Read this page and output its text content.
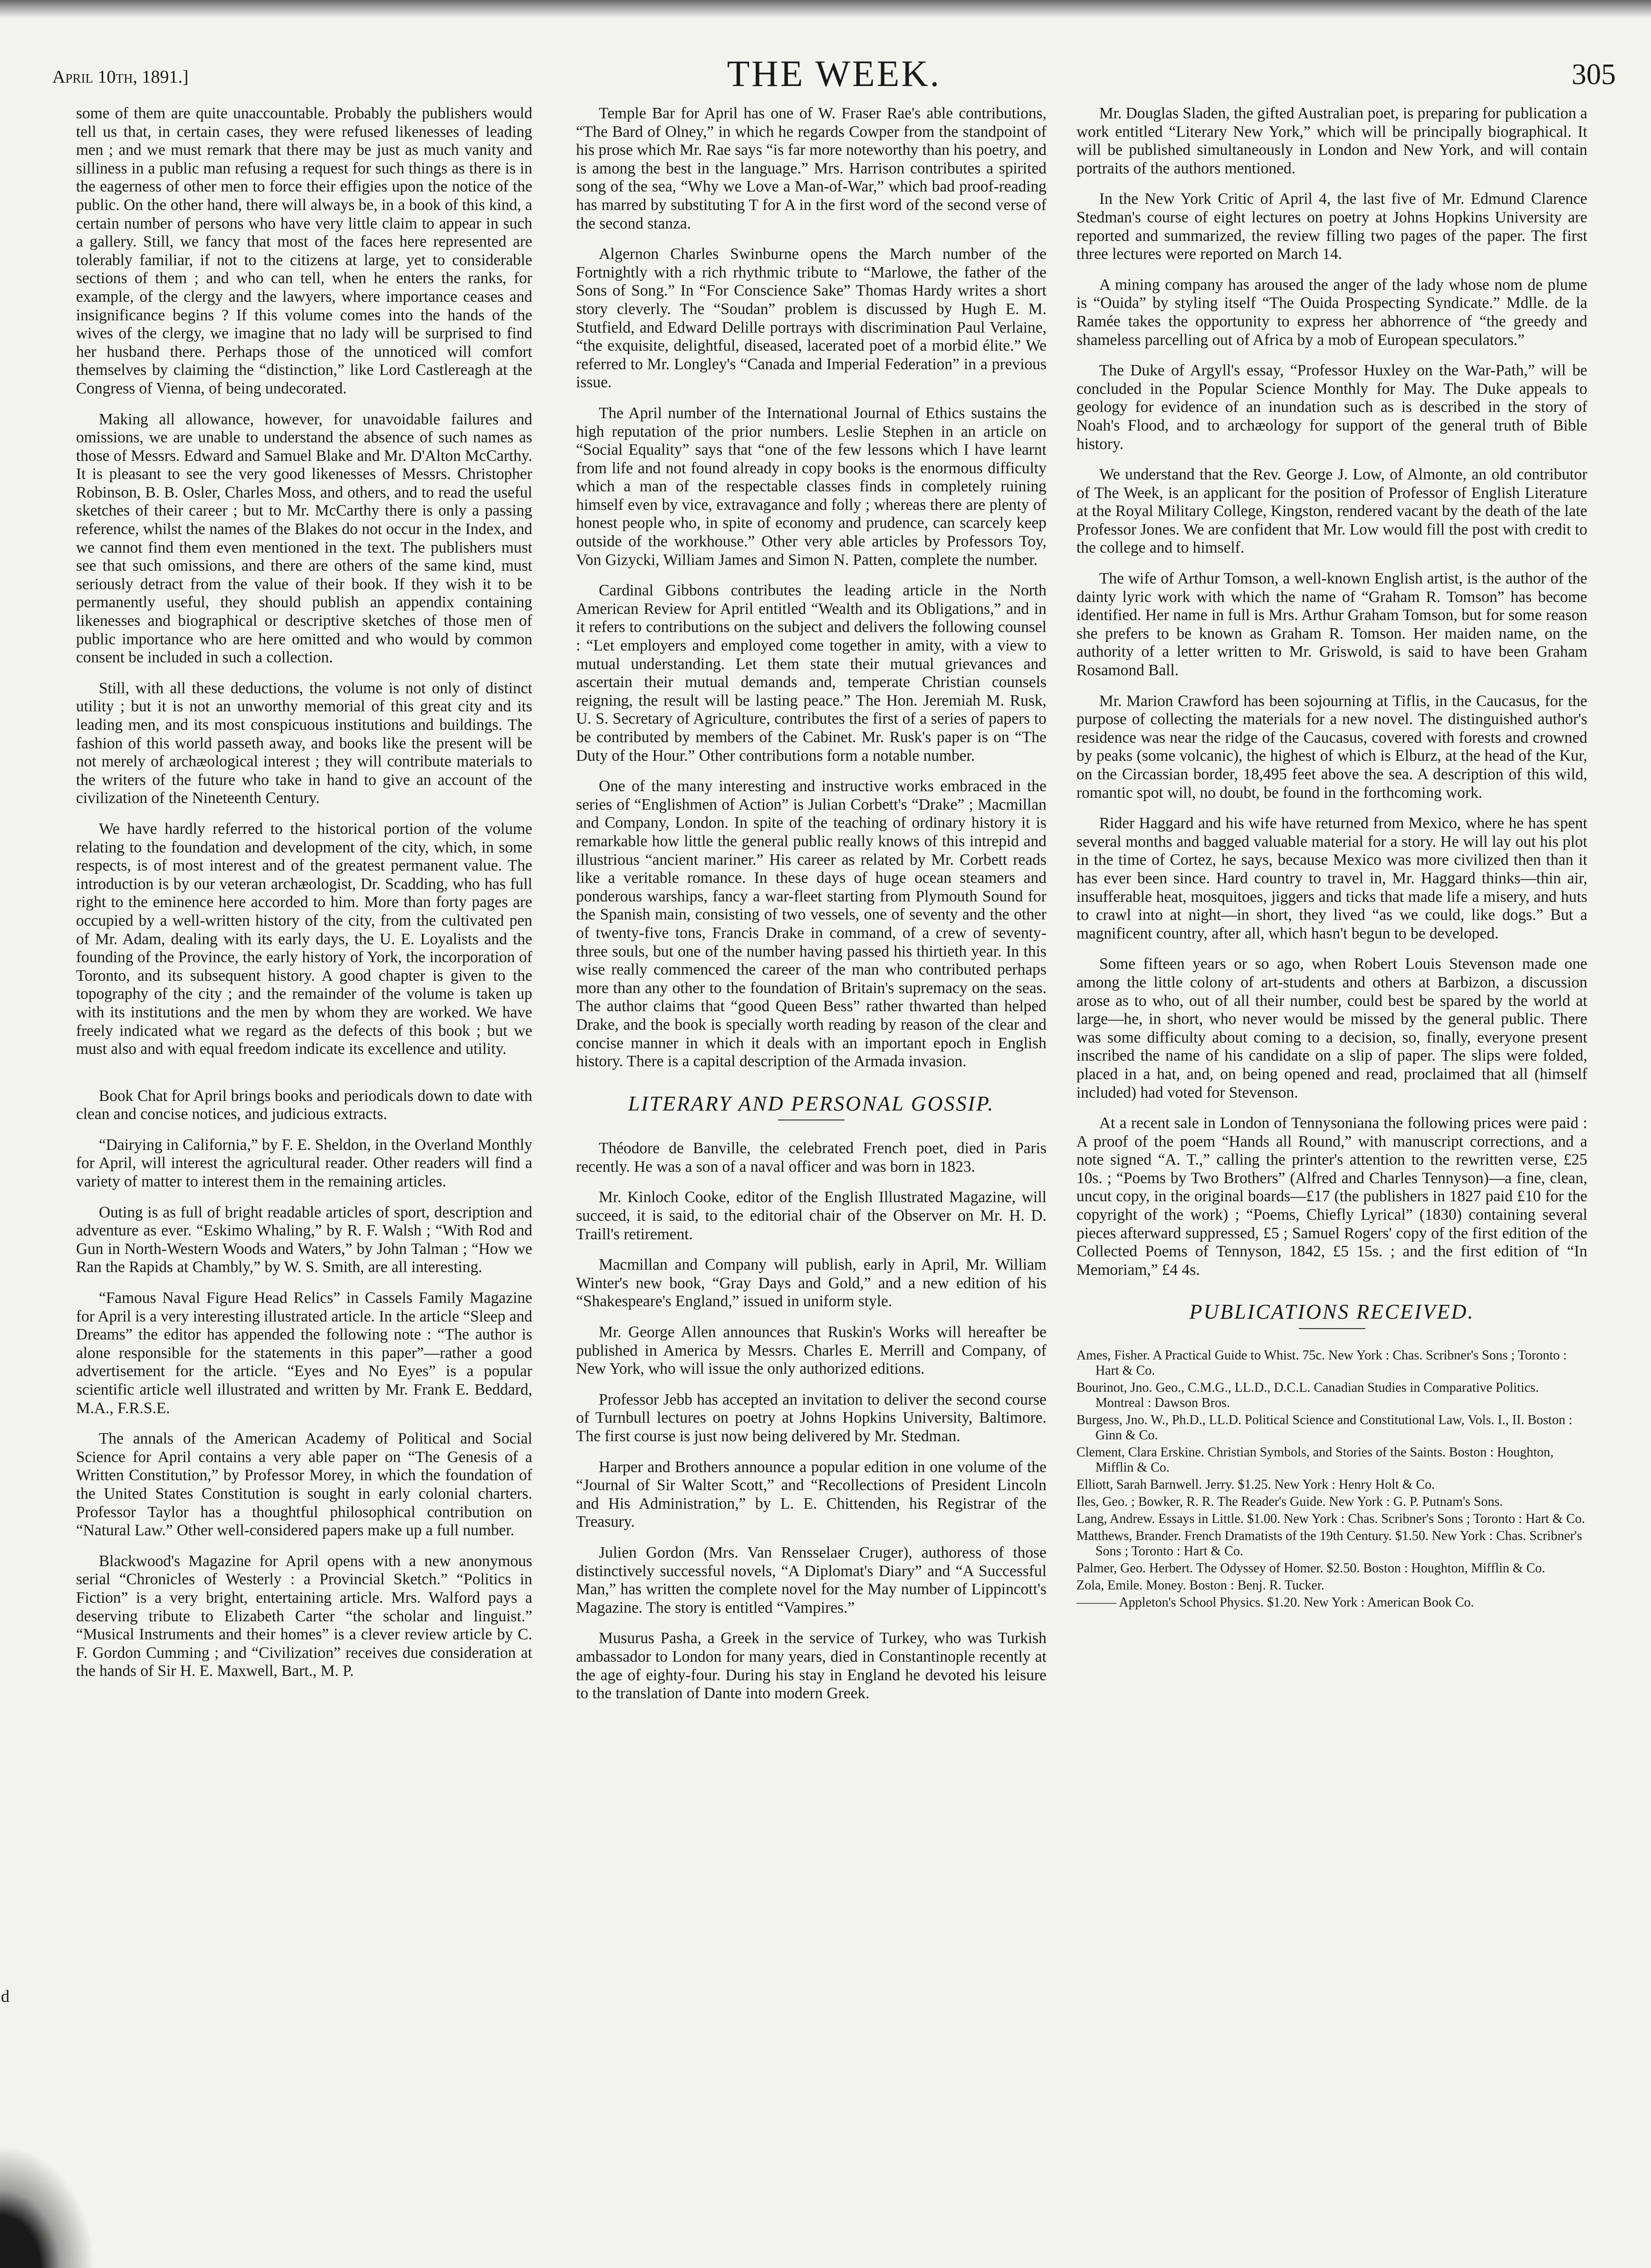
April 10th, 1891.]	THE WEEK.	305

some of them are quite unaccountable. Probably the publishers would tell us that, in certain cases, they were refused likenesses of leading men ; and we must remark that there may be just as much vanity and silliness in a public man refusing a request for such things as there is in the eagerness of other men to force their effigies upon the notice of the public. On the other hand, there will always be, in a book of this kind, a certain number of persons who have very little claim to appear in such a gallery. Still, we fancy that most of the faces here represented are tolerably familiar, if not to the citizens at large, yet to considerable sections of them ; and who can tell, when he enters the ranks, for example, of the clergy and the lawyers, where importance ceases and insignificance begins ? If this volume comes into the hands of the wives of the clergy, we imagine that no lady will be surprised to find her husband there. Perhaps those of the unnoticed will comfort themselves by claiming the “distinction,” like Lord Castlereagh at the Congress of Vienna, of being undecorated.

Making all allowance, however, for unavoidable failures and omissions, we are unable to understand the absence of such names as those of Messrs. Edward and Samuel Blake and Mr. D'Alton McCarthy. It is pleasant to see the very good likenesses of Messrs. Christopher Robinson, B. B. Osler, Charles Moss, and others, and to read the useful sketches of their career ; but to Mr. McCarthy there is only a passing reference, whilst the names of the Blakes do not occur in the Index, and we cannot find them even mentioned in the text. The publishers must see that such omissions, and there are others of the same kind, must seriously detract from the value of their book. If they wish it to be permanently useful, they should publish an appendix containing likenesses and biographical or descriptive sketches of those men of public importance who are here omitted and who would by common consent be included in such a collection.

Still, with all these deductions, the volume is not only of distinct utility ; but it is not an unworthy memorial of this great city and its leading men, and its most conspicuous institutions and buildings. The fashion of this world passeth away, and books like the present will be not merely of archæological interest ; they will contribute materials to the writers of the future who take in hand to give an account of the civilization of the Nineteenth Century.

We have hardly referred to the historical portion of the volume relating to the foundation and development of the city, which, in some respects, is of most interest and of the greatest permanent value. The introduction is by our veteran archæologist, Dr. Scadding, who has full right to the eminence here accorded to him. More than forty pages are occupied by a well-written history of the city, from the cultivated pen of Mr. Adam, dealing with its early days, the U. E. Loyalists and the founding of the Province, the early history of York, the incorporation of Toronto, and its subsequent history. A good chapter is given to the topography of the city ; and the remainder of the volume is taken up with its institutions and the men by whom they are worked. We have freely indicated what we regard as the defects of this book ; but we must also and with equal freedom indicate its excellence and utility.

Book Chat for April brings books and periodicals down to date with clean and concise notices, and judicious extracts.

“Dairying in California,” by F. E. Sheldon, in the Overland Monthly for April, will interest the agricultural reader. Other readers will find a variety of matter to interest them in the remaining articles.

Outing is as full of bright readable articles of sport, description and adventure as ever. “Eskimo Whaling,” by R. F. Walsh ; “With Rod and Gun in North-Western Woods and Waters,” by John Talman ; “How we Ran the Rapids at Chambly,” by W. S. Smith, are all interesting.

“Famous Naval Figure Head Relics” in Cassels Family Magazine for April is a very interesting illustrated article. In the article “Sleep and Dreams” the editor has appended the following note : “The author is alone responsible for the statements in this paper”—rather a good advertisement for the article. “Eyes and No Eyes” is a popular scientific article well illustrated and written by Mr. Frank E. Beddard, M.A., F.R.S.E.

The annals of the American Academy of Political and Social Science for April contains a very able paper on “The Genesis of a Written Constitution,” by Professor Morey, in which the foundation of the United States Constitution is sought in early colonial charters. Professor Taylor has a thoughtful philosophical contribution on “Natural Law.” Other well-considered papers make up a full number.

Blackwood's Magazine for April opens with a new anonymous serial “Chronicles of Westerly : a Provincial Sketch.” “Politics in Fiction” is a very bright, entertaining article. Mrs. Walford pays a deserving tribute to Elizabeth Carter “the scholar and linguist.” “Musical Instruments and their homes” is a clever review article by C. F. Gordon Cumming ; and “Civilization” receives due consideration at the hands of Sir H. E. Maxwell, Bart., M. P.

Temple Bar for April has one of W. Fraser Rae's able contributions, “The Bard of Olney,” in which he regards Cowper from the standpoint of his prose which Mr. Rae says “is far more noteworthy than his poetry, and is among the best in the language.” Mrs. Harrison contributes a spirited song of the sea, “Why we Love a Man-of-War,” which bad proof-reading has marred by substituting T for A in the first word of the second verse of the second stanza.

Algernon Charles Swinburne opens the March number of the Fortnightly with a rich rhythmic tribute to “Marlowe, the father of the Sons of Song.” In “For Conscience Sake” Thomas Hardy writes a short story cleverly. The “Soudan” problem is discussed by Hugh E. M. Stutfield, and Edward Delille portrays with discrimination Paul Verlaine, “the exquisite, delightful, diseased, lacerated poet of a morbid élite.” We referred to Mr. Longley's “Canada and Imperial Federation” in a previous issue.

The April number of the International Journal of Ethics sustains the high reputation of the prior numbers. Leslie Stephen in an article on “Social Equality” says that “one of the few lessons which I have learnt from life and not found already in copy books is the enormous difficulty which a man of the respectable classes finds in completely ruining himself even by vice, extravagance and folly ; whereas there are plenty of honest people who, in spite of economy and prudence, can scarcely keep outside of the workhouse.” Other very able articles by Professors Toy, Von Gizycki, William James and Simon N. Patten, complete the number.

Cardinal Gibbons contributes the leading article in the North American Review for April entitled “Wealth and its Obligations,” and in it refers to contributions on the subject and delivers the following counsel : “Let employers and employed come together in amity, with a view to mutual understanding. Let them state their mutual grievances and ascertain their mutual demands and, temperate Christian counsels reigning, the result will be lasting peace.” The Hon. Jeremiah M. Rusk, U. S. Secretary of Agriculture, contributes the first of a series of papers to be contributed by members of the Cabinet. Mr. Rusk's paper is on “The Duty of the Hour.” Other contributions form a notable number.

One of the many interesting and instructive works embraced in the series of “Englishmen of Action” is Julian Corbett's “Drake” ; Macmillan and Company, London. In spite of the teaching of ordinary history it is remarkable how little the general public really knows of this intrepid and illustrious “ancient mariner.” His career as related by Mr. Corbett reads like a veritable romance. In these days of huge ocean steamers and ponderous warships, fancy a war-fleet starting from Plymouth Sound for the Spanish main, consisting of two vessels, one of seventy and the other of twenty-five tons, Francis Drake in command, of a crew of seventy-three souls, but one of the number having passed his thirtieth year. In this wise really commenced the career of the man who contributed perhaps more than any other to the foundation of Britain's supremacy on the seas. The author claims that “good Queen Bess” rather thwarted than helped Drake, and the book is specially worth reading by reason of the clear and concise manner in which it deals with an important epoch in English history. There is a capital description of the Armada invasion.

LITERARY AND PERSONAL GOSSIP.

Théodore de Banville, the celebrated French poet, died in Paris recently. He was a son of a naval officer and was born in 1823.

Mr. Kinloch Cooke, editor of the English Illustrated Magazine, will succeed, it is said, to the editorial chair of the Observer on Mr. H. D. Traill's retirement.

Macmillan and Company will publish, early in April, Mr. William Winter's new book, “Gray Days and Gold,” and a new edition of his “Shakespeare's England,” issued in uniform style.

Mr. George Allen announces that Ruskin's Works will hereafter be published in America by Messrs. Charles E. Merrill and Company, of New York, who will issue the only authorized editions.

Professor Jebb has accepted an invitation to deliver the second course of Turnbull lectures on poetry at Johns Hopkins University, Baltimore. The first course is just now being delivered by Mr. Stedman.

Harper and Brothers announce a popular edition in one volume of the “Journal of Sir Walter Scott,” and “Recollections of President Lincoln and His Administration,” by L. E. Chittenden, his Registrar of the Treasury.

Julien Gordon (Mrs. Van Rensselaer Cruger), authoress of those distinctively successful novels, “A Diplomat's Diary” and “A Successful Man,” has written the complete novel for the May number of Lippincott's Magazine. The story is entitled “Vampires.”

Musurus Pasha, a Greek in the service of Turkey, who was Turkish ambassador to London for many years, died in Constantinople recently at the age of eighty-four. During his stay in England he devoted his leisure to the translation of Dante into modern Greek.

Mr. Douglas Sladen, the gifted Australian poet, is preparing for publication a work entitled “Literary New York,” which will be principally biographical. It will be published simultaneously in London and New York, and will contain portraits of the authors mentioned.

In the New York Critic of April 4, the last five of Mr. Edmund Clarence Stedman's course of eight lectures on poetry at Johns Hopkins University are reported and summarized, the review filling two pages of the paper. The first three lectures were reported on March 14.

A mining company has aroused the anger of the lady whose nom de plume is “Ouida” by styling itself “The Ouida Prospecting Syndicate.” Mdlle. de la Ramée takes the opportunity to express her abhorrence of “the greedy and shameless parcelling out of Africa by a mob of European speculators.”

The Duke of Argyll's essay, “Professor Huxley on the War-Path,” will be concluded in the Popular Science Monthly for May. The Duke appeals to geology for evidence of an inundation such as is described in the story of Noah's Flood, and to archæology for support of the general truth of Bible history.

We understand that the Rev. George J. Low, of Almonte, an old contributor of The Week, is an applicant for the position of Professor of English Literature at the Royal Military College, Kingston, rendered vacant by the death of the late Professor Jones. We are confident that Mr. Low would fill the post with credit to the college and to himself.

The wife of Arthur Tomson, a well-known English artist, is the author of the dainty lyric work with which the name of “Graham R. Tomson” has become identified. Her name in full is Mrs. Arthur Graham Tomson, but for some reason she prefers to be known as Graham R. Tomson. Her maiden name, on the authority of a letter written to Mr. Griswold, is said to have been Graham Rosamond Ball.

Mr. Marion Crawford has been sojourning at Tiflis, in the Caucasus, for the purpose of collecting the materials for a new novel. The distinguished author's residence was near the ridge of the Caucasus, covered with forests and crowned by peaks (some volcanic), the highest of which is Elburz, at the head of the Kur, on the Circassian border, 18,495 feet above the sea. A description of this wild, romantic spot will, no doubt, be found in the forthcoming work.

Rider Haggard and his wife have returned from Mexico, where he has spent several months and bagged valuable material for a story. He will lay out his plot in the time of Cortez, he says, because Mexico was more civilized then than it has ever been since. Hard country to travel in, Mr. Haggard thinks—thin air, insufferable heat, mosquitoes, jiggers and ticks that made life a misery, and huts to crawl into at night—in short, they lived “as we could, like dogs.” But a magnificent country, after all, which hasn't begun to be developed.

Some fifteen years or so ago, when Robert Louis Stevenson made one among the little colony of art-students and others at Barbizon, a discussion arose as to who, out of all their number, could best be spared by the world at large—he, in short, who never would be missed by the general public. There was some difficulty about coming to a decision, so, finally, everyone present inscribed the name of his candidate on a slip of paper. The slips were folded, placed in a hat, and, on being opened and read, proclaimed that all (himself included) had voted for Stevenson.

At a recent sale in London of Tennysoniana the following prices were paid : A proof of the poem “Hands all Round,” with manuscript corrections, and a note signed “A. T.,” calling the printer's attention to the rewritten verse, £25 10s. ; “Poems by Two Brothers” (Alfred and Charles Tennyson)—a fine, clean, uncut copy, in the original boards—£17 (the publishers in 1827 paid £10 for the copyright of the work) ; “Poems, Chiefly Lyrical” (1830) containing several pieces afterward suppressed, £5 ; Samuel Rogers' copy of the first edition of the Collected Poems of Tennyson, 1842, £5 15s. ; and the first edition of “In Memoriam,” £4 4s.

PUBLICATIONS RECEIVED.
Ames, Fisher. A Practical Guide to Whist. 75c. New York : Chas. Scribner's Sons ; Toronto : Hart & Co.
Bourinot, Jno. Geo., C.M.G., LL.D., D.C.L. Canadian Studies in Comparative Politics. Montreal : Dawson Bros.
Burgess, Jno. W., Ph.D., LL.D. Political Science and Constitutional Law, Vols. I., II. Boston : Ginn & Co.
Clement, Clara Erskine. Christian Symbols, and Stories of the Saints. Boston : Houghton, Mifflin & Co.
Elliott, Sarah Barnwell. Jerry. $1.25. New York : Henry Holt & Co.
Iles, Geo. ; Bowker, R. R. The Reader's Guide. New York : G. P. Putnam's Sons.
Lang, Andrew. Essays in Little. $1.00. New York : Chas. Scribner's Sons ; Toronto : Hart & Co.
Matthews, Brander. French Dramatists of the 19th Century. $1.50. New York : Chas. Scribner's Sons ; Toronto : Hart & Co.
Palmer, Geo. Herbert. The Odyssey of Homer. $2.50. Boston : Houghton, Mifflin & Co.
Zola, Emile. Money. Boston : Benj. R. Tucker.
——— Appleton's School Physics. $1.20. New York : American Book Co.
d
